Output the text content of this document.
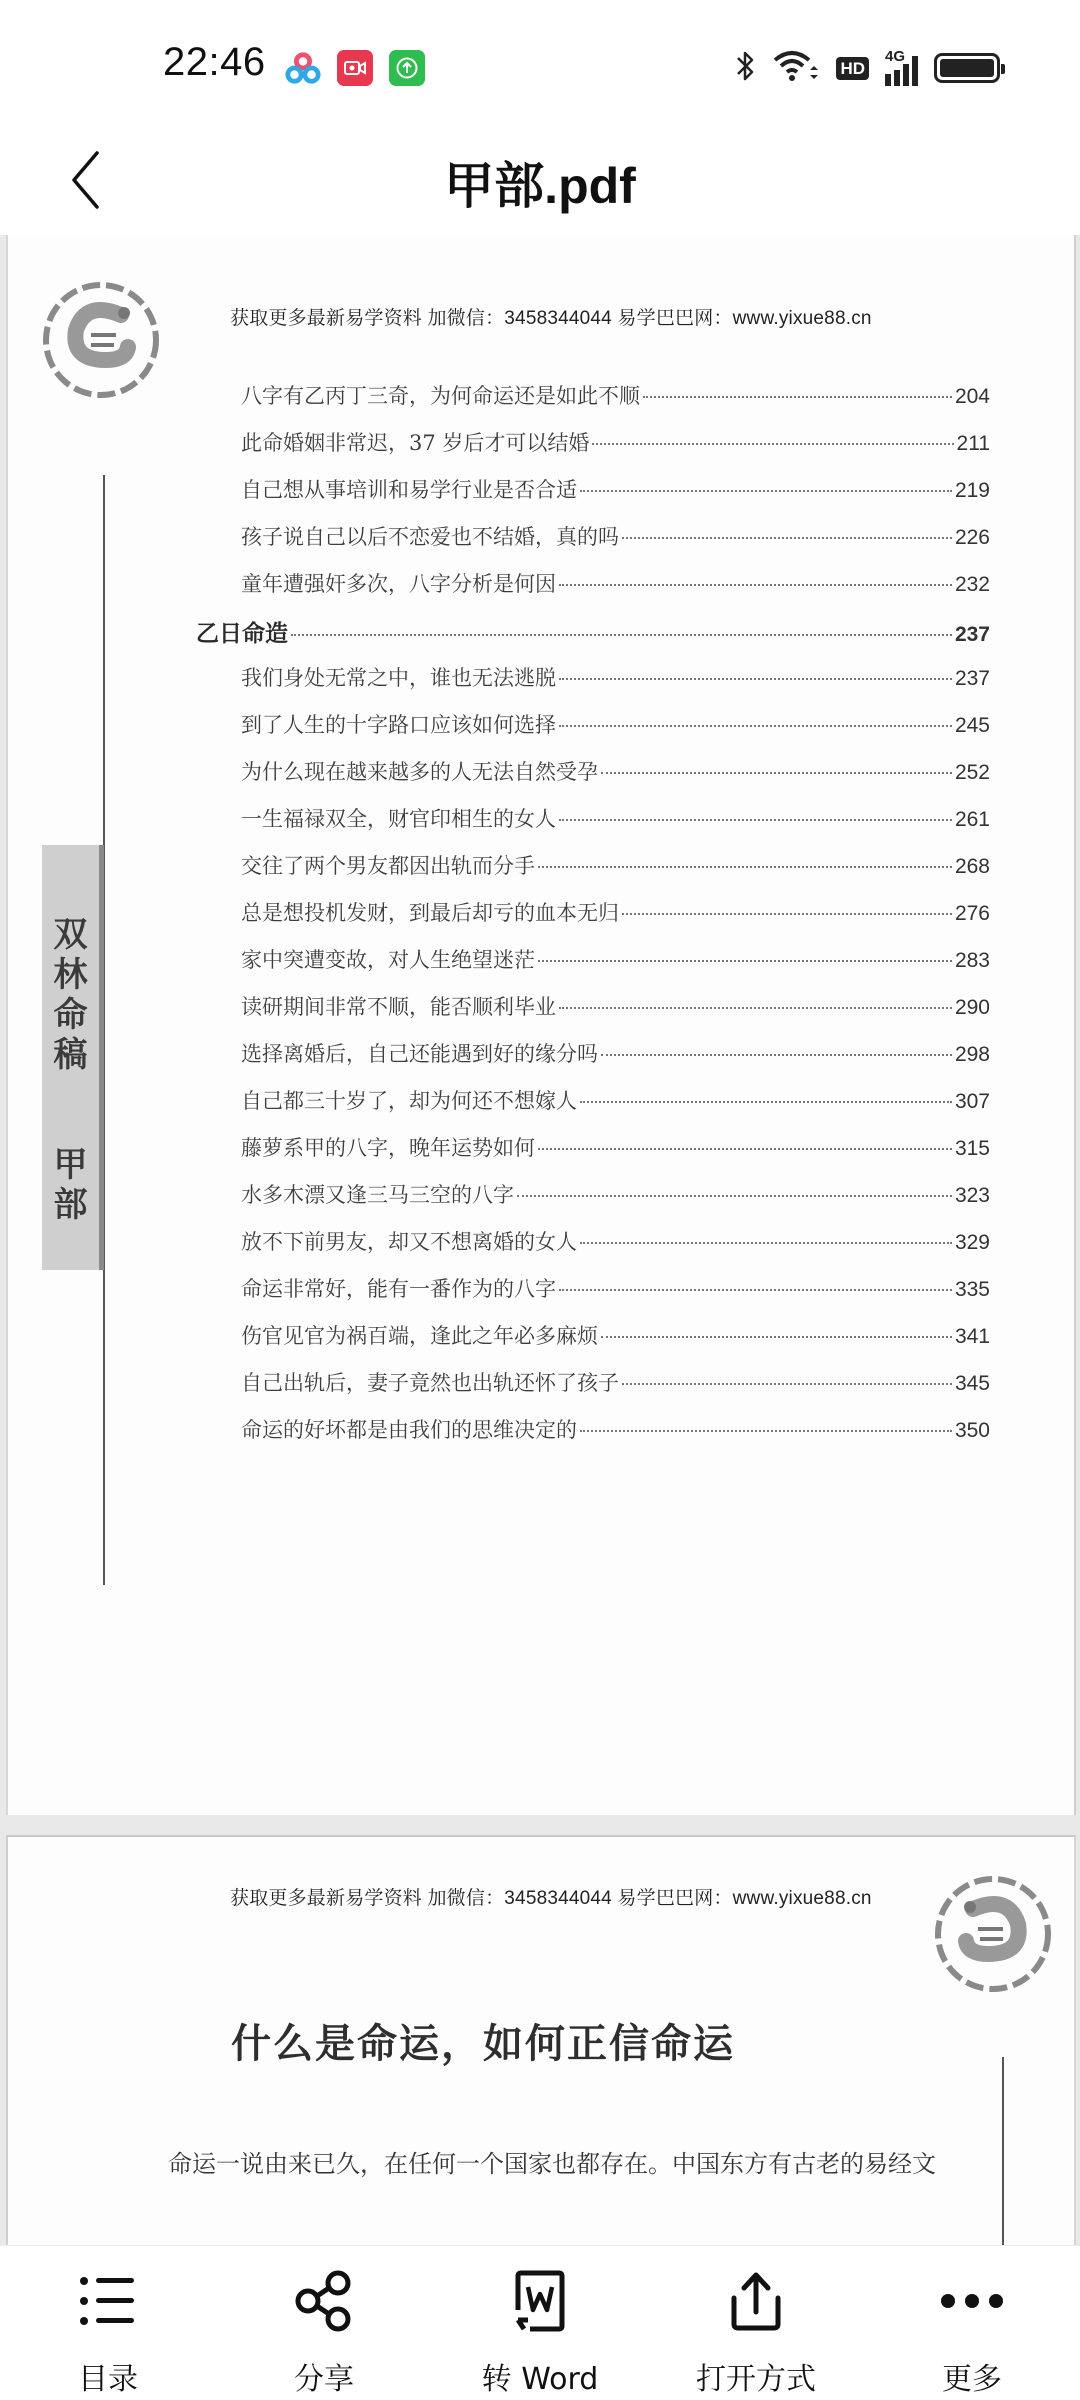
22:46	HD
4G
甲部.pdf
获取更多最新易学资料 加微信：3458344044 易学巴巴网：www.yixue88.cn
双
林
命
稿
甲
部
八字有乙丙丁三奇，为何命运还是如此不顺	204
此命婚姻非常迟，37 岁后才可以结婚	211
自己想从事培训和易学行业是否合适	219
孩子说自己以后不恋爱也不结婚，真的吗	226
童年遭强奸多次，八字分析是何因	232
乙日命造	237
我们身处无常之中，谁也无法逃脱	237
到了人生的十字路口应该如何选择	245
为什么现在越来越多的人无法自然受孕	252
一生福禄双全，财官印相生的女人	261
交往了两个男友都因出轨而分手	268
总是想投机发财，到最后却亏的血本无归	276
家中突遭变故，对人生绝望迷茫	283
读研期间非常不顺，能否顺利毕业	290
选择离婚后，自己还能遇到好的缘分吗	298
自己都三十岁了，却为何还不想嫁人	307
藤萝系甲的八字，晚年运势如何	315
水多木漂又逢三马三空的八字	323
放不下前男友，却又不想离婚的女人	329
命运非常好，能有一番作为的八字	335
伤官见官为祸百端，逢此之年必多麻烦	341
自己出轨后，妻子竟然也出轨还怀了孩子	345
命运的好坏都是由我们的思维决定的	350
获取更多最新易学资料 加微信：3458344044 易学巴巴网：www.yixue88.cn
什么是命运，如何正信命运
命运一说由来已久，在任何一个国家也都存在。中国东方有古老的易经文
目录	分享	转 Word	打开方式	更多
